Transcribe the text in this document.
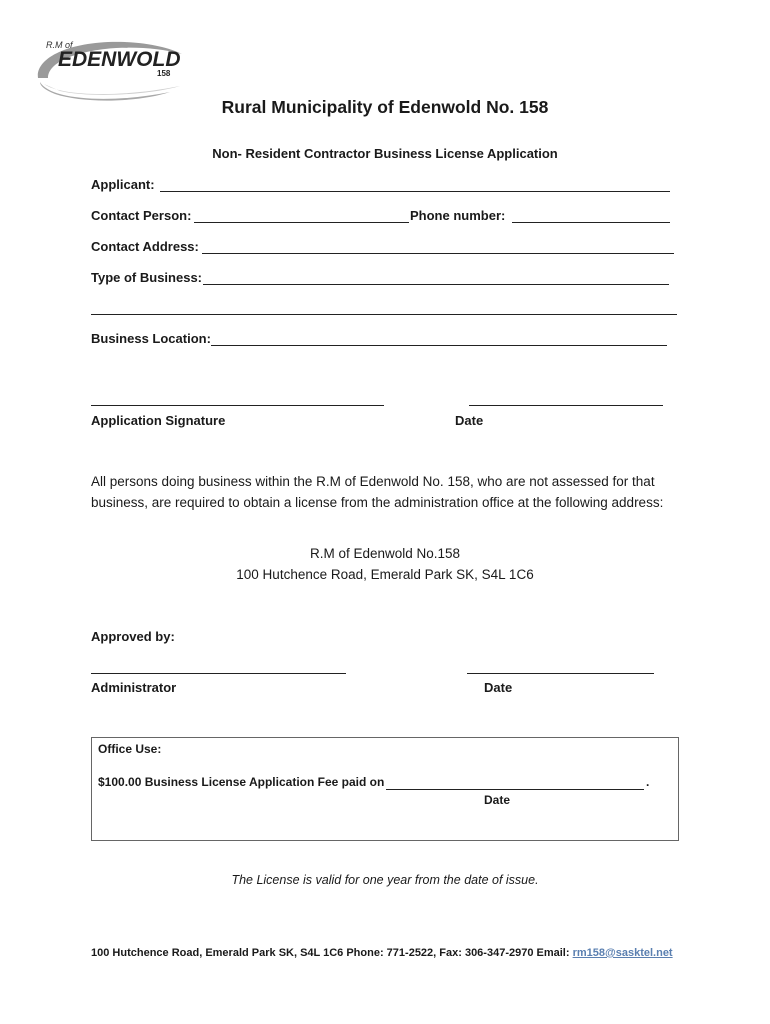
EDENWOLD
R.M of
158
Rural Municipality of Edenwold No. 158
Non- Resident Contractor Business License Application
Applicant:
Contact Person:	Phone number:
Contact Address:
Type of Business:
Business Location:
Application Signature	Date
All persons doing business within the R.M of Edenwold No. 158, who are not assessed for that business, are required to obtain a license from the administration office at the following address:
R.M of Edenwold No.158
100 Hutchence Road, Emerald Park SK, S4L 1C6
Approved by:
Administrator	Date
Office Use:
$100.00 Business License Application Fee paid on	.
Date
The License is valid for one year from the date of issue.
100 Hutchence Road, Emerald Park SK, S4L 1C6 Phone: 771-2522, Fax: 306-347-2970 Email: rm158@sasktel.net
